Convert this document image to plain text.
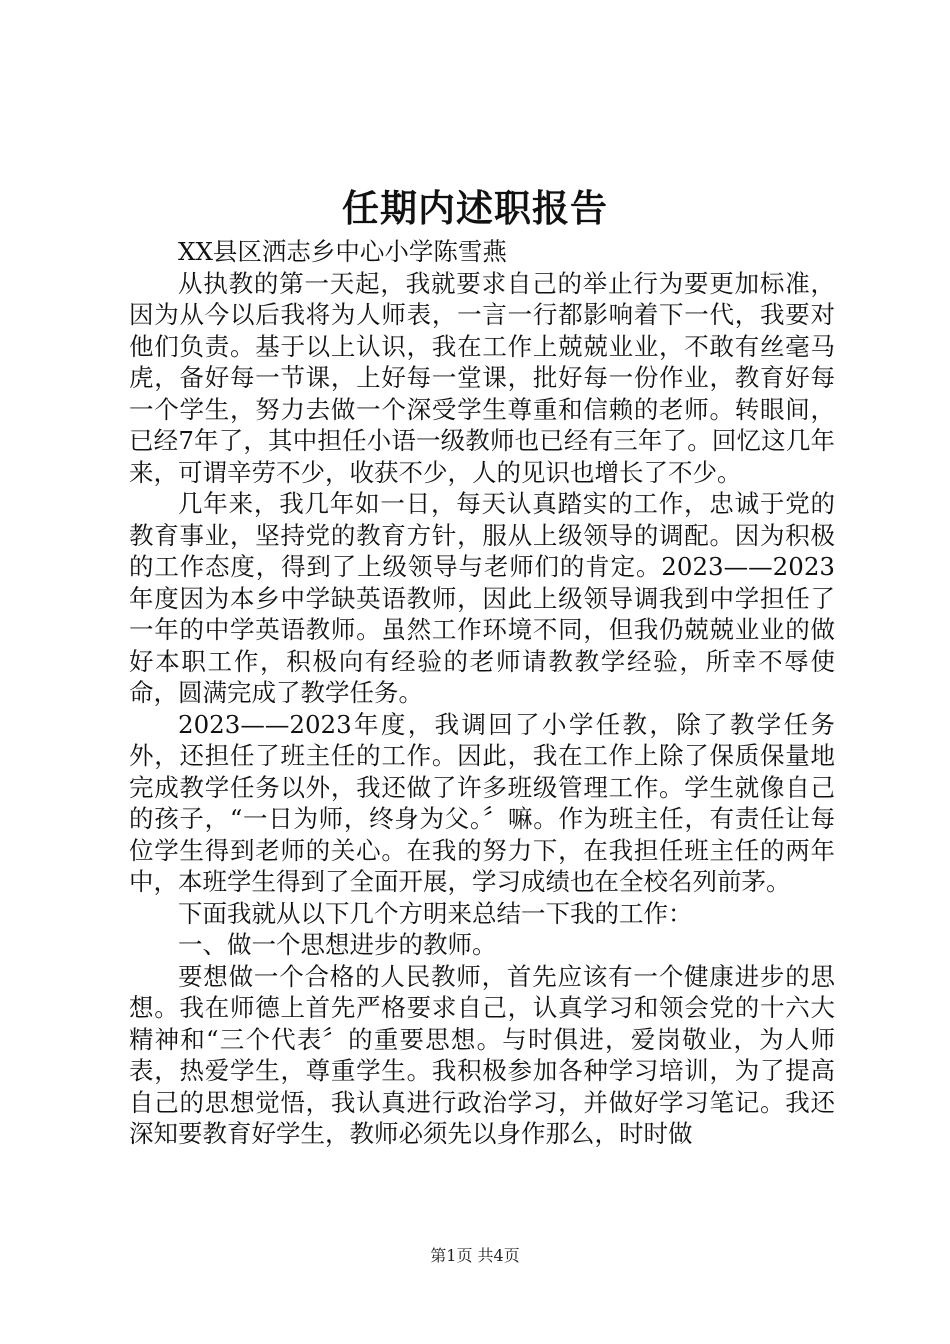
任期内述职报告

XX县区洒志乡中心小学陈雪燕

从执教的第一天起，我就要求自己的举止行为要更加标准，因为从今以后我将为人师表，一言一行都影响着下一代，我要对他们负责。基于以上认识，我在工作上兢兢业业，不敢有丝毫马虎，备好每一节课，上好每一堂课，批好每一份作业，教育好每一个学生，努力去做一个深受学生尊重和信赖的老师。转眼间，已经7年了，其中担任小语一级教师也已经有三年了。回忆这几年来，可谓辛劳不少，收获不少，人的见识也增长了不少。

几年来，我几年如一日，每天认真踏实的工作，忠诚于党的教育事业，坚持党的教育方针，服从上级领导的调配。因为积极的工作态度，得到了上级领导与老师们的肯定。2023——2023年度因为本乡中学缺英语教师，因此上级领导调我到中学担任了一年的中学英语教师。虽然工作环境不同，但我仍兢兢业业的做好本职工作，积极向有经验的老师请教教学经验，所幸不辱使命，圆满完成了教学任务。

2023——2023年度，我调回了小学任教，除了教学任务外，还担任了班主任的工作。因此，我在工作上除了保质保量地完成教学任务以外，我还做了许多班级管理工作。学生就像自己的孩子，“一日为师，终身为父。〞嘛。作为班主任，有责任让每位学生得到老师的关心。在我的努力下，在我担任班主任的两年中，本班学生得到了全面开展，学习成绩也在全校名列前茅。

下面我就从以下几个方明来总结一下我的工作：

一、做一个思想进步的教师。

要想做一个合格的人民教师，首先应该有一个健康进步的思想。我在师德上首先严格要求自己，认真学习和领会党的十六大精神和“三个代表〞的重要思想。与时俱进，爱岗敬业，为人师表，热爱学生，尊重学生。我积极参加各种学习培训，为了提高自己的思想觉悟，我认真进行政治学习，并做好学习笔记。我还深知要教育好学生，教师必须先以身作那么，时时做

第1页 共4页
